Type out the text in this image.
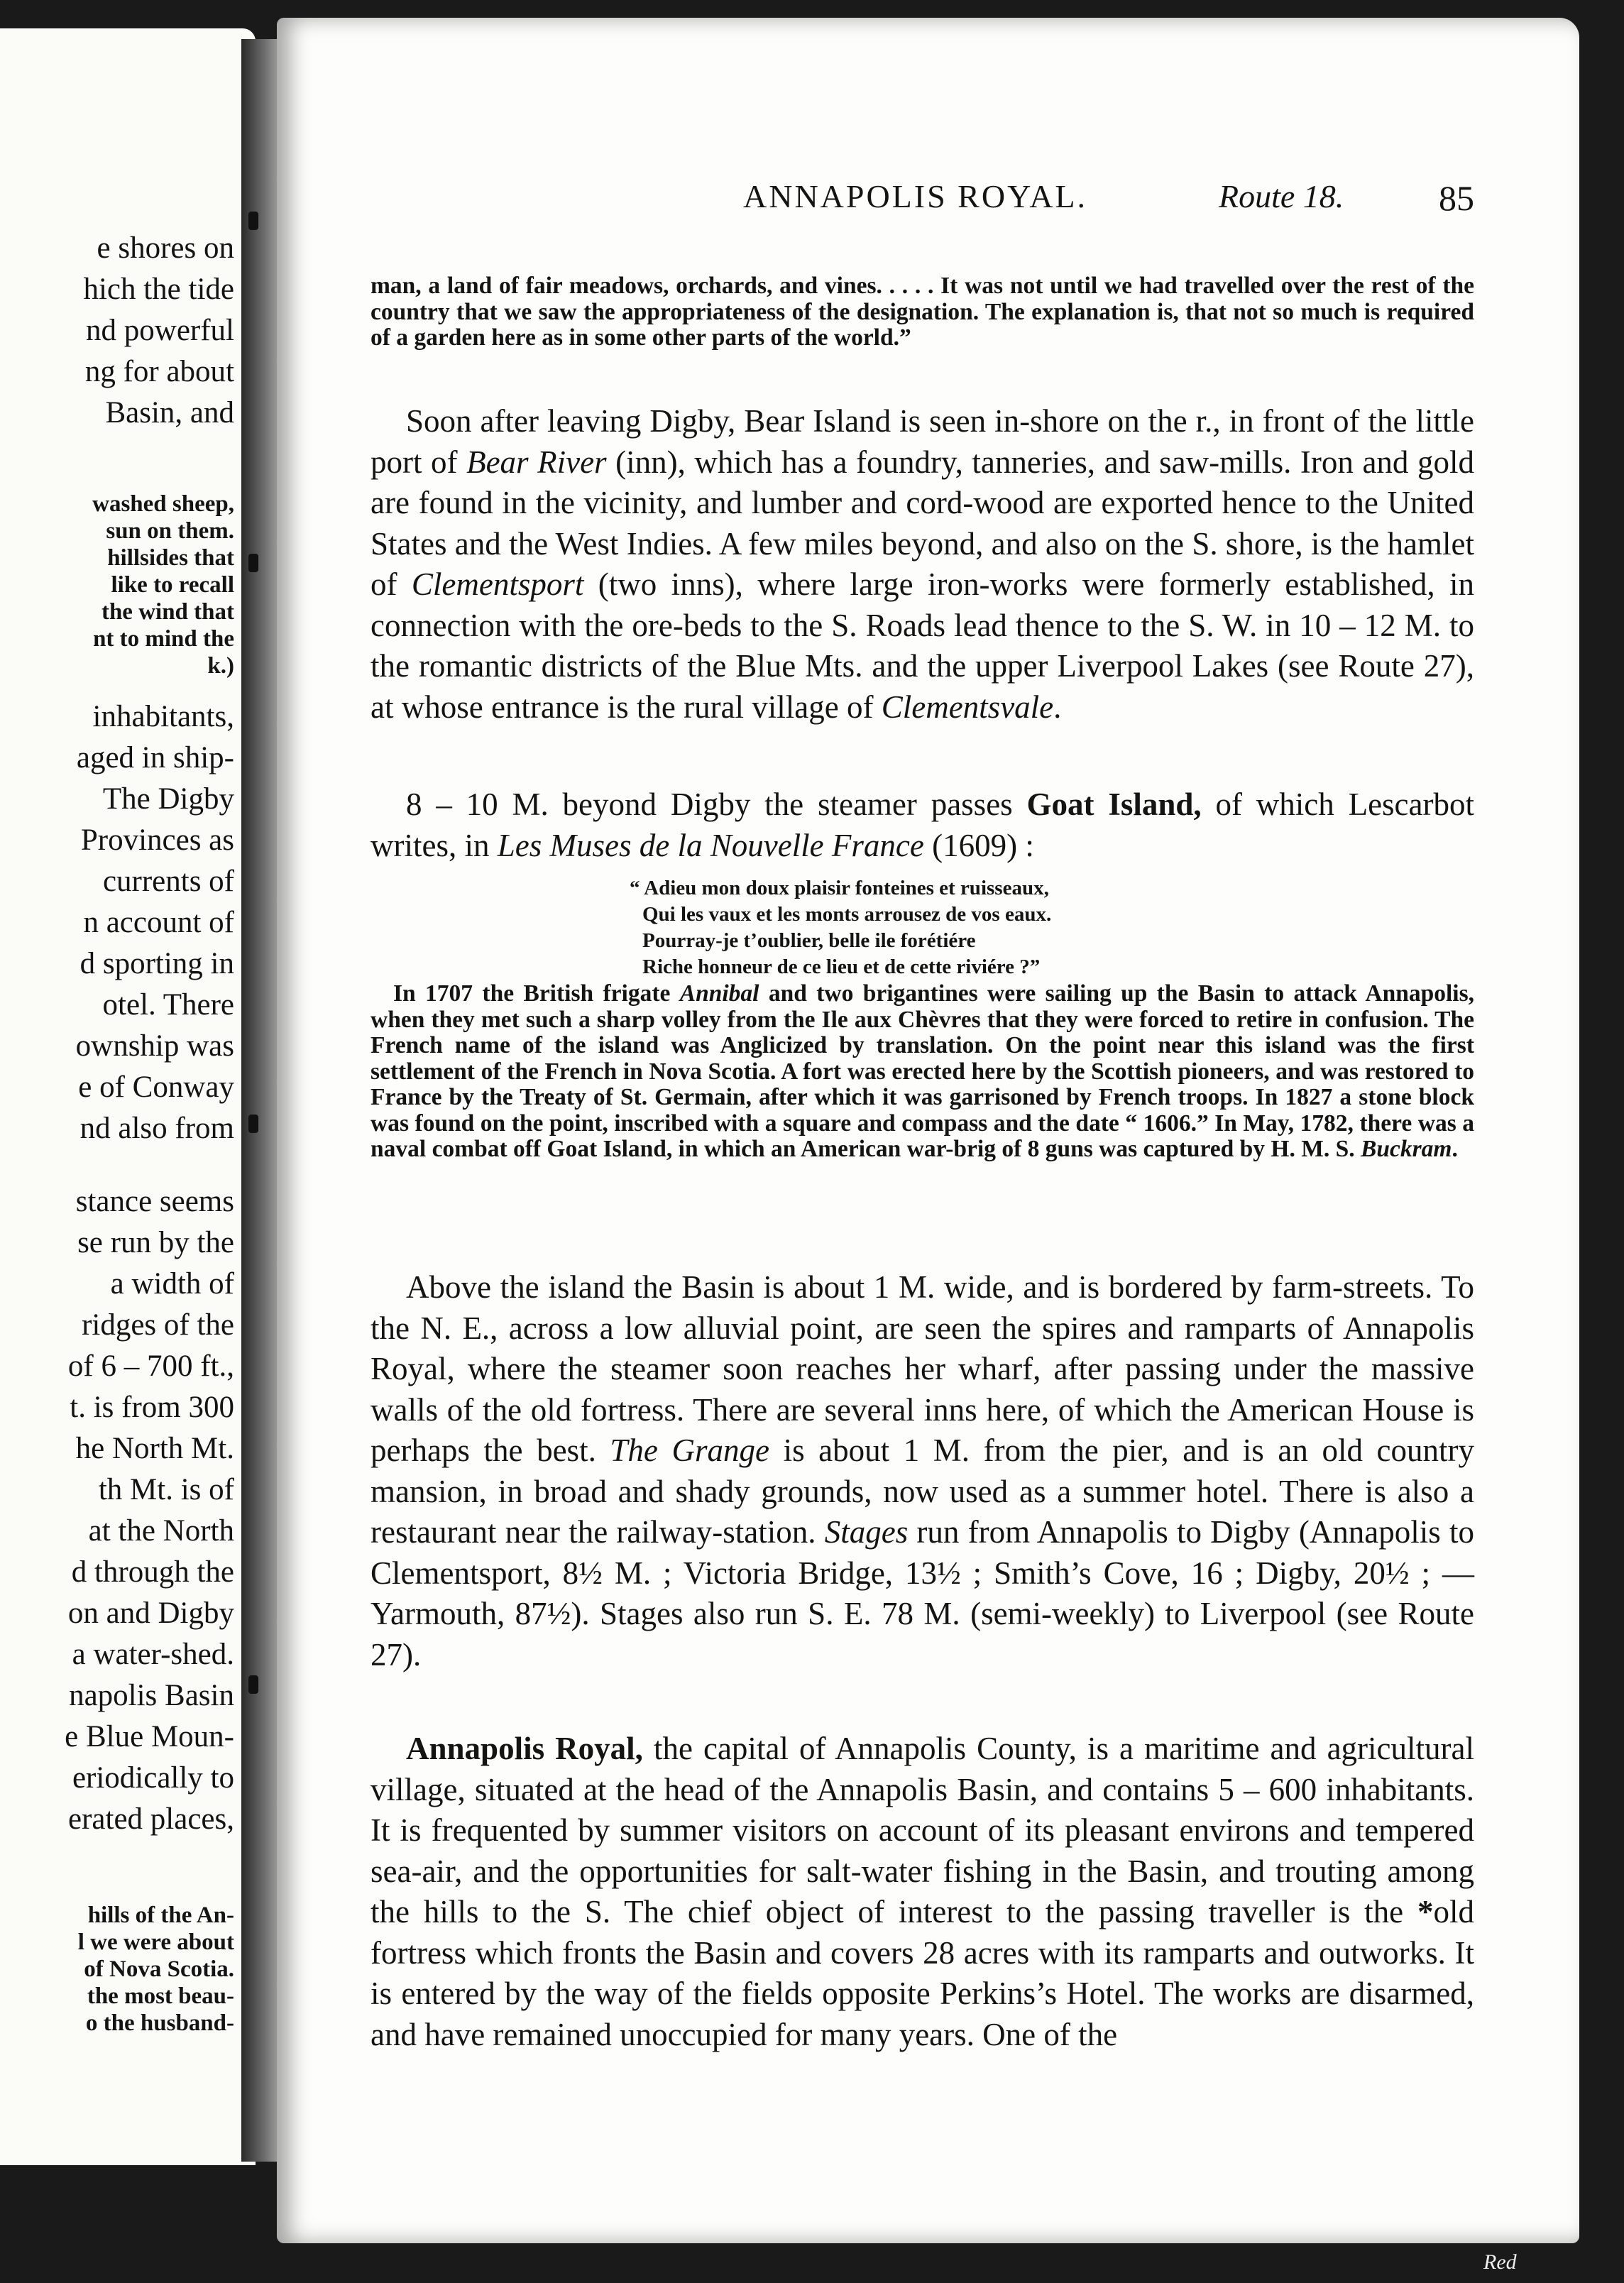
e shores on
hich the tide
nd powerful
ng for about
Basin, and
washed sheep,
sun on them.
hillsides that
like to recall
the wind that
nt to mind the
k.)
inhabitants,
aged in ship-
The Digby
Provinces as
currents of
n account of
d sporting in
otel. There
ownship was
e of Conway
nd also from
stance seems
se run by the
a width of
ridges of the
of 6 – 700 ft.,
t. is from 300
he North Mt.
th Mt. is of
at the North
d through the
on and Digby
a water-shed.
napolis Basin
e Blue Moun-
eriodically to
erated places,
hills of the An-
l we were about
of Nova Scotia.
the most beau-
o the husband-
ANNAPOLIS ROYAL.	Route 18.	85

man, a land of fair meadows, orchards, and vines. . . . . It was not until we had travelled over the rest of the country that we saw the appropriateness of the designation. The explanation is, that not so much is required of a garden here as in some other parts of the world.”

Soon after leaving Digby, Bear Island is seen in-shore on the r., in front of the little port of Bear River (inn), which has a foundry, tanneries, and saw-mills. Iron and gold are found in the vicinity, and lumber and cord-wood are exported hence to the United States and the West Indies. A few miles beyond, and also on the S. shore, is the hamlet of Clementsport (two inns), where large iron-works were formerly established, in connection with the ore-beds to the S. Roads lead thence to the S. W. in 10 – 12 M. to the romantic districts of the Blue Mts. and the upper Liverpool Lakes (see Route 27), at whose entrance is the rural village of Clementsvale.

8 – 10 M. beyond Digby the steamer passes Goat Island, of which Lescarbot writes, in Les Muses de la Nouvelle France (1609) :

“ Adieu mon doux plaisir fonteines et ruisseaux,
Qui les vaux et les monts arrousez de vos eaux.
Pourray-je t’oublier, belle ile forétiére
Riche honneur de ce lieu et de cette riviére ?”

In 1707 the British frigate Annibal and two brigantines were sailing up the Basin to attack Annapolis, when they met such a sharp volley from the Ile aux Chèvres that they were forced to retire in confusion. The French name of the island was Anglicized by translation. On the point near this island was the first settlement of the French in Nova Scotia. A fort was erected here by the Scottish pioneers, and was restored to France by the Treaty of St. Germain, after which it was garrisoned by French troops. In 1827 a stone block was found on the point, inscribed with a square and compass and the date “ 1606.” In May, 1782, there was a naval combat off Goat Island, in which an American war-brig of 8 guns was captured by H. M. S. Buckram.

Above the island the Basin is about 1 M. wide, and is bordered by farm-streets. To the N. E., across a low alluvial point, are seen the spires and ramparts of Annapolis Royal, where the steamer soon reaches her wharf, after passing under the massive walls of the old fortress. There are several inns here, of which the American House is perhaps the best. The Grange is about 1 M. from the pier, and is an old country mansion, in broad and shady grounds, now used as a summer hotel. There is also a restaurant near the railway-station. Stages run from Annapolis to Digby (Annapolis to Clementsport, 8½ M. ; Victoria Bridge, 13½ ; Smith’s Cove, 16 ; Digby, 20½ ; — Yarmouth, 87½). Stages also run S. E. 78 M. (semi-weekly) to Liverpool (see Route 27).

Annapolis Royal, the capital of Annapolis County, is a maritime and agricultural village, situated at the head of the Annapolis Basin, and contains 5 – 600 inhabitants. It is frequented by summer visitors on account of its pleasant environs and tempered sea-air, and the opportunities for salt-water fishing in the Basin, and trouting among the hills to the S. The chief object of interest to the passing traveller is the *old fortress which fronts the Basin and covers 28 acres with its ramparts and outworks. It is entered by the way of the fields opposite Perkins’s Hotel. The works are disarmed, and have remained unoccupied for many years. One of the

Red
